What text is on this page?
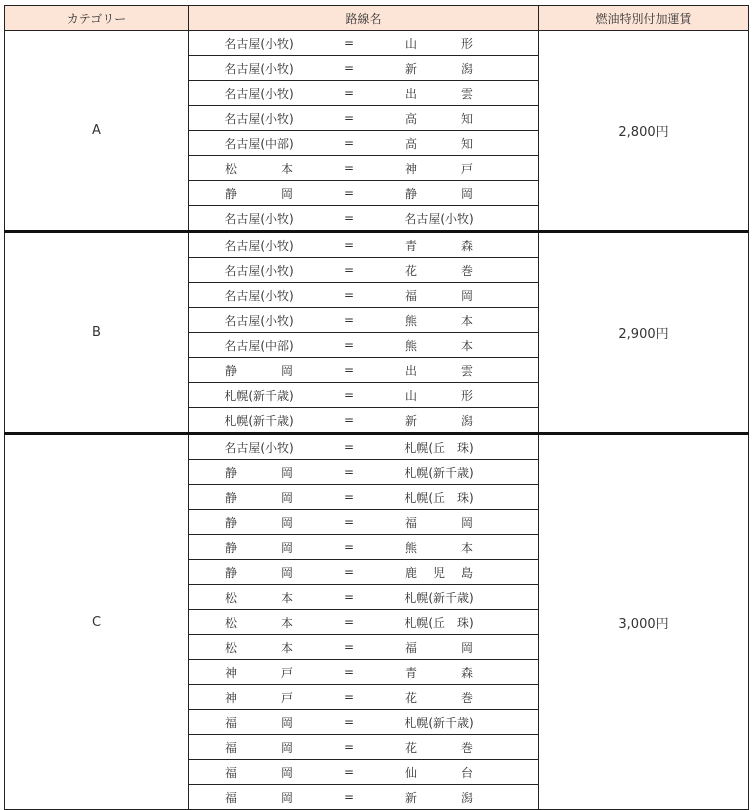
カテゴリー	路線名	燃油特別付加運賃
A	名古屋(小牧) = 山　形	2,800円

	名古屋(小牧) = 新　潟	

	名古屋(小牧) = 出　雲	

	名古屋(小牧) = 高　知	

	名古屋(中部) = 高　知	

	松　本 = 神　戸	

	静　岡 = 静　岡	

	名古屋(小牧) = 名古屋(小牧)	

B	名古屋(小牧) = 青　森	2,900円

	名古屋(小牧) = 花　巻	

	名古屋(小牧) = 福　岡	

	名古屋(小牧) = 熊　本	

	名古屋(中部) = 熊　本	

	静　岡 = 出　雲	

	札幌(新千歳) = 山　形	

	札幌(新千歳) = 新　潟	

C	名古屋(小牧) = 札幌(丘　珠)	3,000円

	静　岡 = 札幌(新千歳)	

	静　岡 = 札幌(丘　珠)	

	静　岡 = 福　岡	

	静　岡 = 熊　本	

	静　岡 = 鹿児島	

	松　本 = 札幌(新千歳)	

	松　本 = 札幌(丘　珠)	

	松　本 = 福　岡	

	神　戸 = 青　森	

	神　戸 = 花　巻	

	福　岡 = 札幌(新千歳)	

	福　岡 = 花　巻	

	福　岡 = 仙　台	

	福　岡 = 新　潟	
